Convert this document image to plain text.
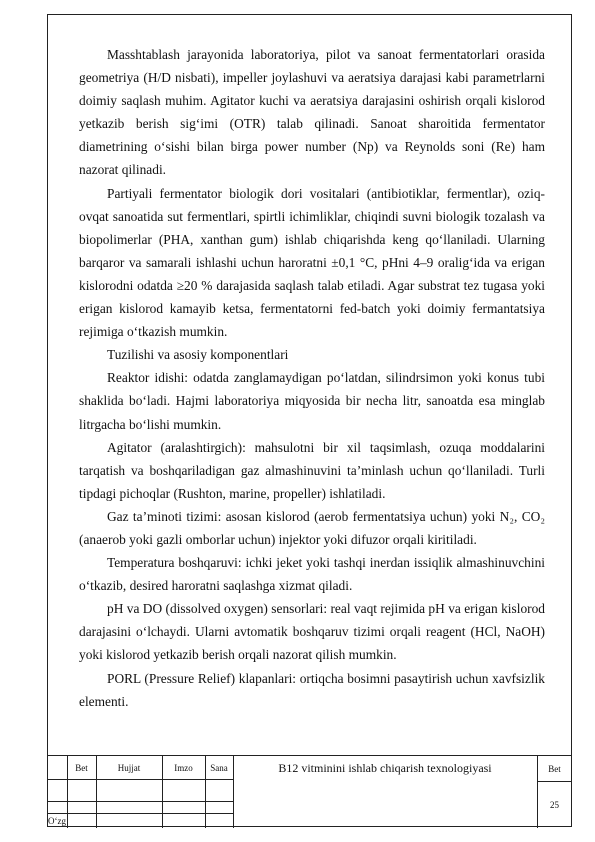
Masshtablash jarayonida laboratoriya, pilot va sanoat fermentatorlari orasida geometriya (H/D nisbati), impeller joylashuvi va aeratsiya darajasi kabi parametrlarni doimiy saqlash muhim. Agitator kuchi va aeratsiya darajasini oshirish orqali kislorod yetkazib berish sig‘imi (OTR) talab qilinadi. Sanoat sharoitida fermentator diametrining o‘sishi bilan birga power number (Np) va Reynolds soni (Re) ham nazorat qilinadi.

Partiyali fermentator biologik dori vositalari (antibiotiklar, fermentlar), oziq-ovqat sanoatida sut fermentlari, spirtli ichimliklar, chiqindi suvni biologik tozalash va biopolimerlar (PHA, xanthan gum) ishlab chiqarishda keng qo‘llaniladi. Ularning barqaror va samarali ishlashi uchun haroratni ±0,1 °C, pHni 4–9 oralig‘ida va erigan kislorodni odatda ≥20 % darajasida saqlash talab etiladi. Agar substrat tez tugasa yoki erigan kislorod kamayib ketsa, fermentatorni fed-batch yoki doimiy fermantatsiya rejimiga o‘tkazish mumkin.

Tuzilishi va asosiy komponentlari

Reaktor idishi: odatda zanglamaydigan po‘latdan, silindrsimon yoki konus tubi shaklida bo‘ladi. Hajmi laboratoriya miqyosida bir necha litr, sanoatda esa minglab litrgacha bo‘lishi mumkin.

Agitator (aralashtirgich): mahsulotni bir xil taqsimlash, ozuqa moddalarini tarqatish va boshqariladigan gaz almashinuvini ta’minlash uchun qo‘llaniladi. Turli tipdagi pichoqlar (Rushton, marine, propeller) ishlatiladi.

Gaz ta’minoti tizimi: asosan kislorod (aerob fermentatsiya uchun) yoki N₂, CO₂ (anaerob yoki gazli omborlar uchun) injektor yoki difuzor orqali kiritiladi.

Temperatura boshqaruvi: ichki jeket yoki tashqi inerdan issiqlik almashinuvchini o‘tkazib, desired haroratni saqlashga xizmat qiladi.

pH va DO (dissolved oxygen) sensorlari: real vaqt rejimida pH va erigan kislorod darajasini o‘lchaydi. Ularni avtomatik boshqaruv tizimi orqali reagent (HCl, NaOH) yoki kislorod yetkazib berish orqali nazorat qilish mumkin.

PORL (Pressure Relief) klapanlari: ortiqcha bosimni pasaytirish uchun xavfsizlik elementi.

O‘zg
Bet	Hujjat	Imzo	Sana	B12 vitminini ishlab chiqarish texnologiyasi	Bet
25
